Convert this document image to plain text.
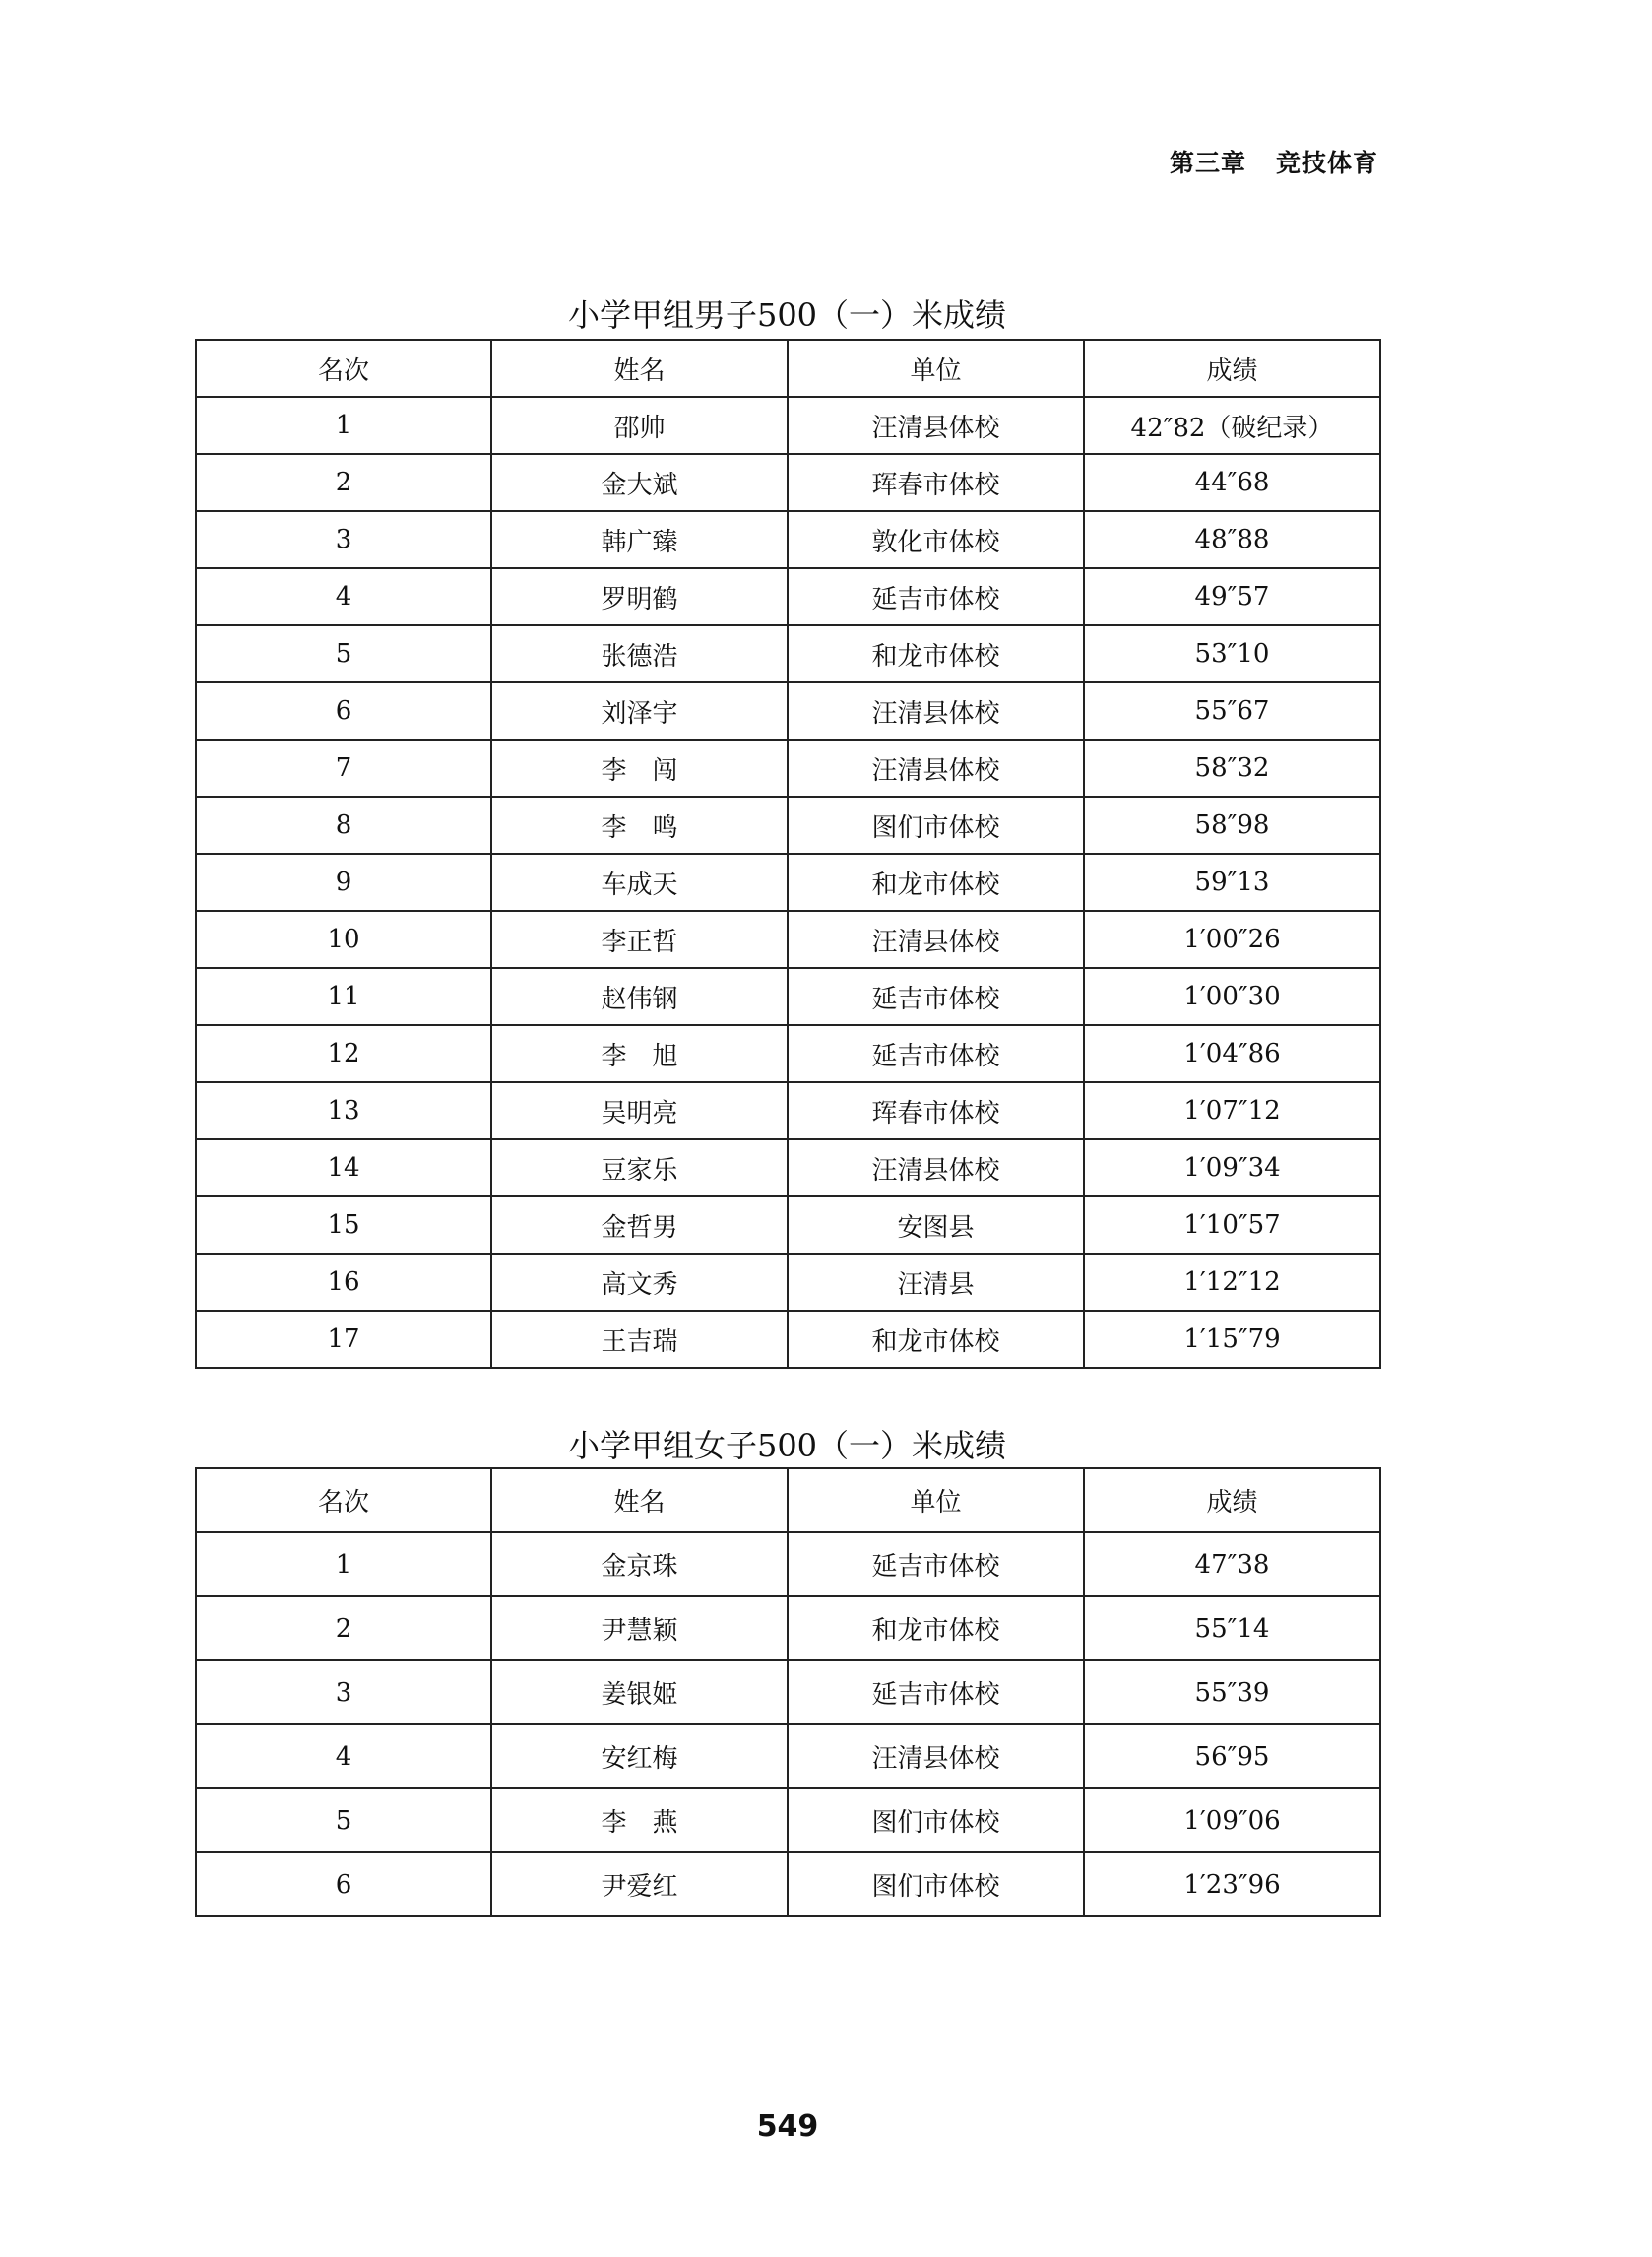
第三章 竞技体育
小学甲组男子500（一）米成绩
名次	姓名	单位	成绩
1	邵帅	汪清县体校	42″82（破纪录）
2	金大斌	珲春市体校	44″68
3	韩广臻	敦化市体校	48″88
4	罗明鹤	延吉市体校	49″57
5	张德浩	和龙市体校	53″10
6	刘泽宇	汪清县体校	55″67
7	李　闯	汪清县体校	58″32
8	李　鸣	图们市体校	58″98
9	车成天	和龙市体校	59″13
10	李正哲	汪清县体校	1′00″26
11	赵伟钢	延吉市体校	1′00″30
12	李　旭	延吉市体校	1′04″86
13	吴明亮	珲春市体校	1′07″12
14	豆家乐	汪清县体校	1′09″34
15	金哲男	安图县	1′10″57
16	高文秀	汪清县	1′12″12
17	王吉瑞	和龙市体校	1′15″79
小学甲组女子500（一）米成绩
名次	姓名	单位	成绩
1	金京珠	延吉市体校	47″38
2	尹慧颖	和龙市体校	55″14
3	姜银姬	延吉市体校	55″39
4	安红梅	汪清县体校	56″95
5	李　燕	图们市体校	1′09″06
6	尹爱红	图们市体校	1′23″96
549
